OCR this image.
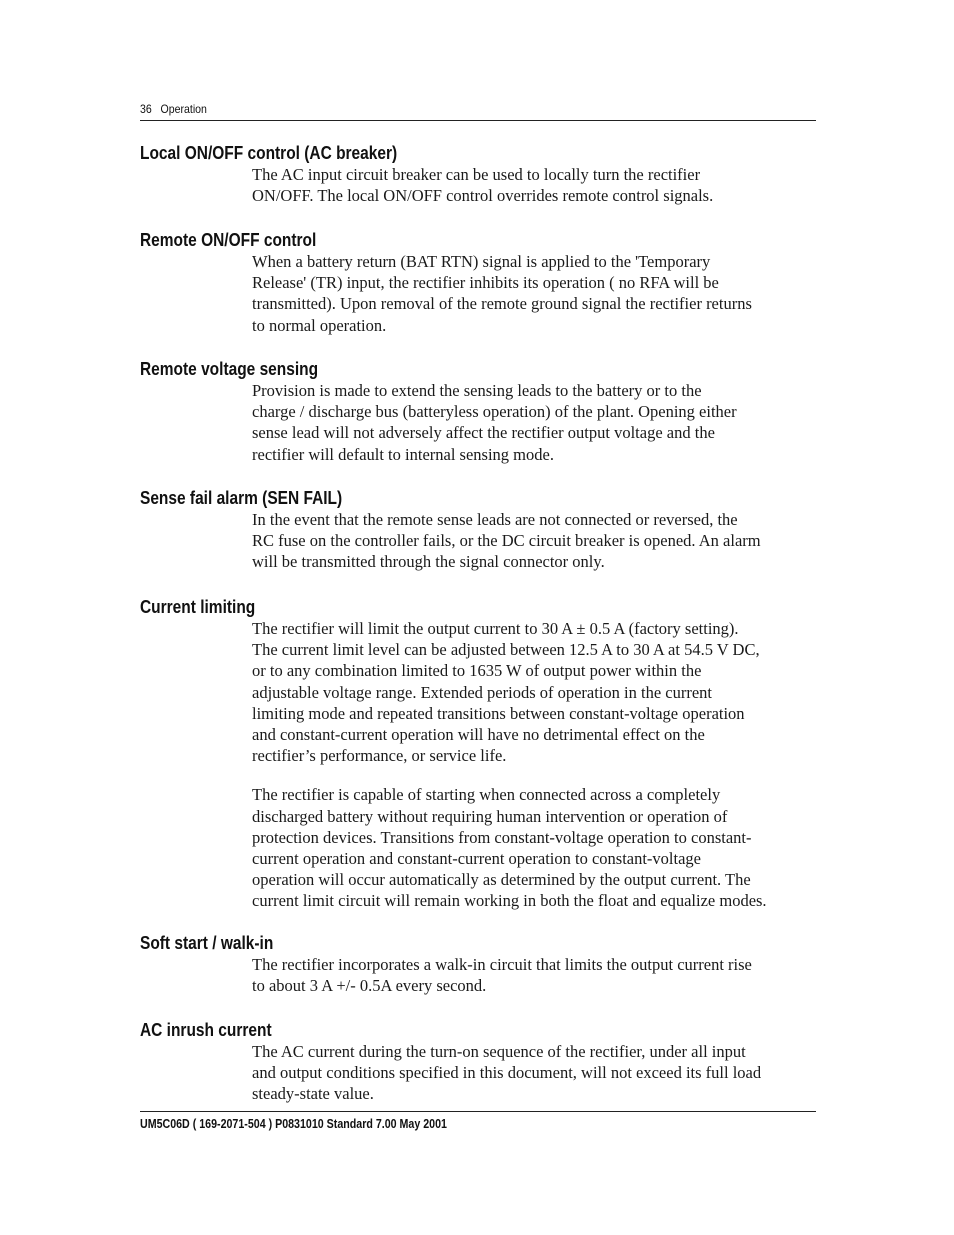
36 Operation
Local ON/OFF control (AC breaker)

The AC input circuit breaker can be used to locally turn the rectifier
ON/OFF. The local ON/OFF control overrides remote control signals.

Remote ON/OFF control

When a battery return (BAT RTN) signal is applied to the 'Temporary
Release' (TR) input, the rectifier inhibits its operation ( no RFA will be
transmitted). Upon removal of the remote ground signal the rectifier returns
to normal operation.

Remote voltage sensing

Provision is made to extend the sensing leads to the battery or to the
charge / discharge bus (batteryless operation) of the plant. Opening either
sense lead will not adversely affect the rectifier output voltage and the
rectifier will default to internal sensing mode.

Sense fail alarm (SEN FAIL)

In the event that the remote sense leads are not connected or reversed, the
RC fuse on the controller fails, or the DC circuit breaker is opened. An alarm
will be transmitted through the signal connector only.

Current limiting

The rectifier will limit the output current to 30 A ± 0.5 A (factory setting).
The current limit level can be adjusted between 12.5 A to 30 A at 54.5 V DC,
or to any combination limited to 1635 W of output power within the
adjustable voltage range. Extended periods of operation in the current
limiting mode and repeated transitions between constant-voltage operation
and constant-current operation will have no detrimental effect on the
rectifier’s performance, or service life.

The rectifier is capable of starting when connected across a completely
discharged battery without requiring human intervention or operation of
protection devices. Transitions from constant-voltage operation to constant-
current operation and constant-current operation to constant-voltage
operation will occur automatically as determined by the output current. The
current limit circuit will remain working in both the float and equalize modes.

Soft start / walk-in

The rectifier incorporates a walk-in circuit that limits the output current rise
to about 3 A +/- 0.5A every second.

AC inrush current

The AC current during the turn-on sequence of the rectifier, under all input
and output conditions specified in this document, will not exceed its full load
steady-state value.

UM5C06D ( 169-2071-504 ) P0831010 Standard 7.00 May 2001
